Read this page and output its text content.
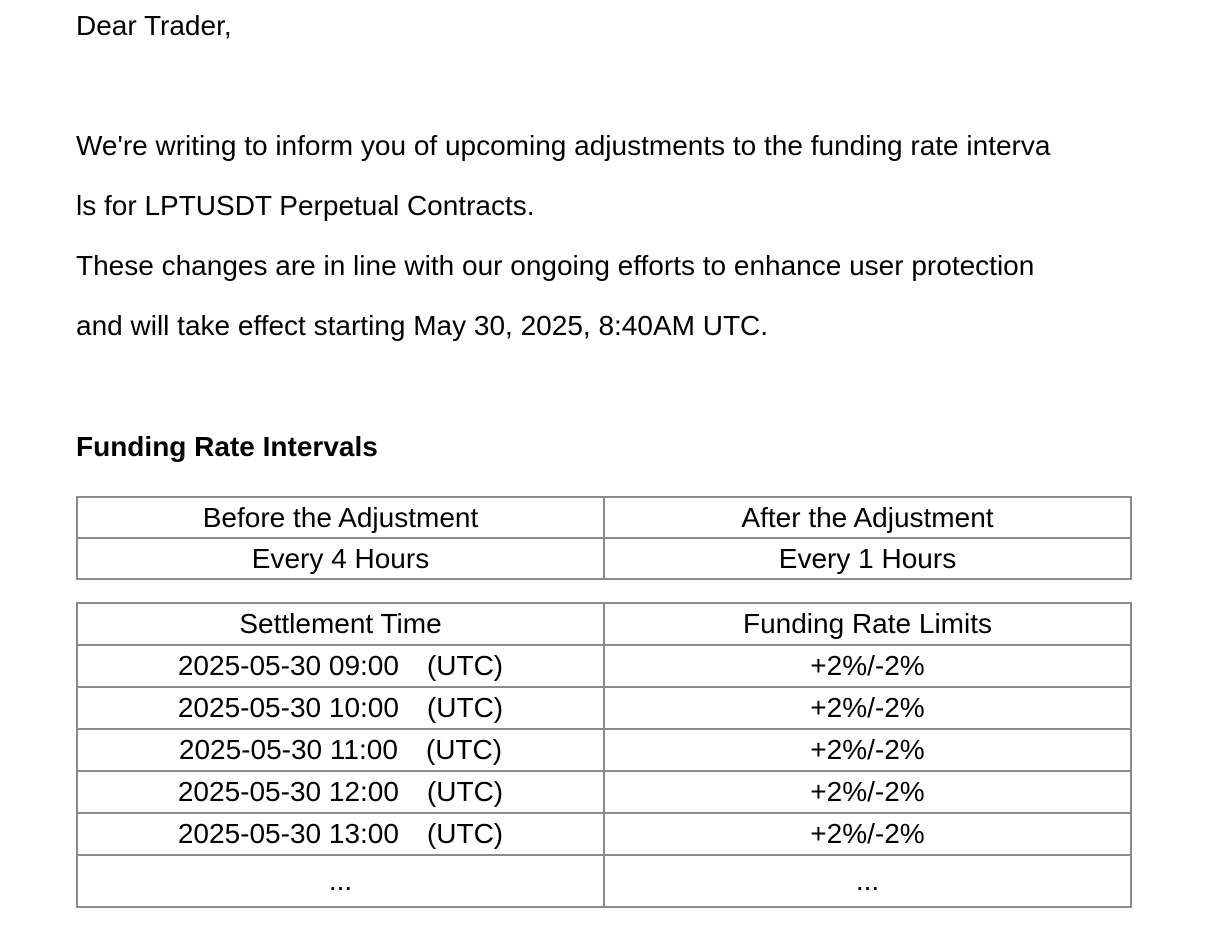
Dear Trader,
We're writing to inform you of upcoming adjustments to the funding rate interva
ls for LPTUSDT Perpetual Contracts.
These changes are in line with our ongoing efforts to enhance user protection
and will take effect starting May 30, 2025, 8:40AM UTC.
Funding Rate Intervals
Before the Adjustment	After the Adjustment
Every 4 Hours	Every 1 Hours
Settlement Time	Funding Rate Limits
2025-05-30 09:00　(UTC)	+2%/-2%
2025-05-30 10:00　(UTC)	+2%/-2%
2025-05-30 11:00　(UTC)	+2%/-2%
2025-05-30 12:00　(UTC)	+2%/-2%
2025-05-30 13:00　(UTC)	+2%/-2%
...	...
